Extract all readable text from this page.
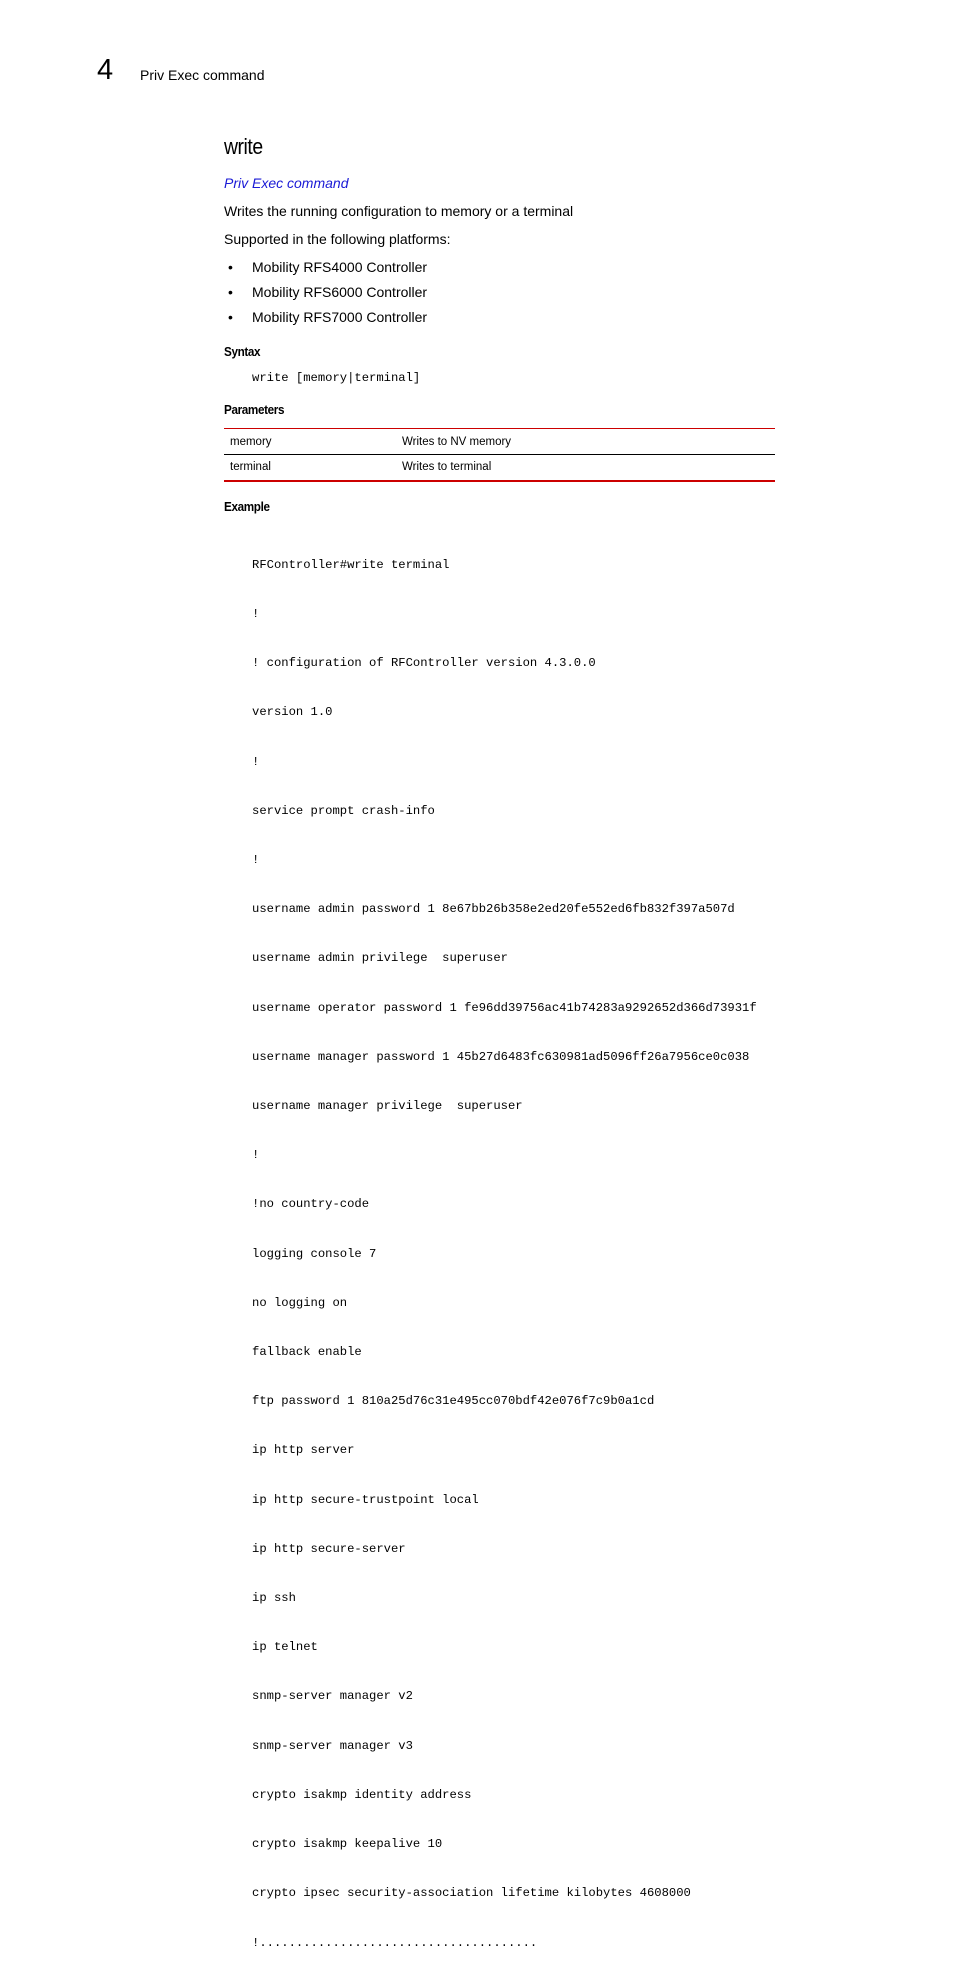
4 Priv Exec command
write
Priv Exec command
Writes the running configuration to memory or a terminal
Supported in the following platforms:
• Mobility RFS4000 Controller
• Mobility RFS6000 Controller
• Mobility RFS7000 Controller
Syntax
write [memory|terminal]
Parameters
memory	Writes to NV memory
terminal	Writes to terminal
Example

RFController#write terminal

!

! configuration of RFController version 4.3.0.0

version 1.0

!

service prompt crash-info

!

username admin password 1 8e67bb26b358e2ed20fe552ed6fb832f397a507d

username admin privilege  superuser

username operator password 1 fe96dd39756ac41b74283a9292652d366d73931f

username manager password 1 45b27d6483fc630981ad5096ff26a7956ce0c038

username manager privilege  superuser

!

!no country-code

logging console 7

no logging on

fallback enable

ftp password 1 810a25d76c31e495cc070bdf42e076f7c9b0a1cd

ip http server

ip http secure-trustpoint local

ip http secure-server

ip ssh

ip telnet

snmp-server manager v2

snmp-server manager v3

crypto isakmp identity address

crypto isakmp keepalive 10

crypto ipsec security-association lifetime kilobytes 4608000

!......................................
